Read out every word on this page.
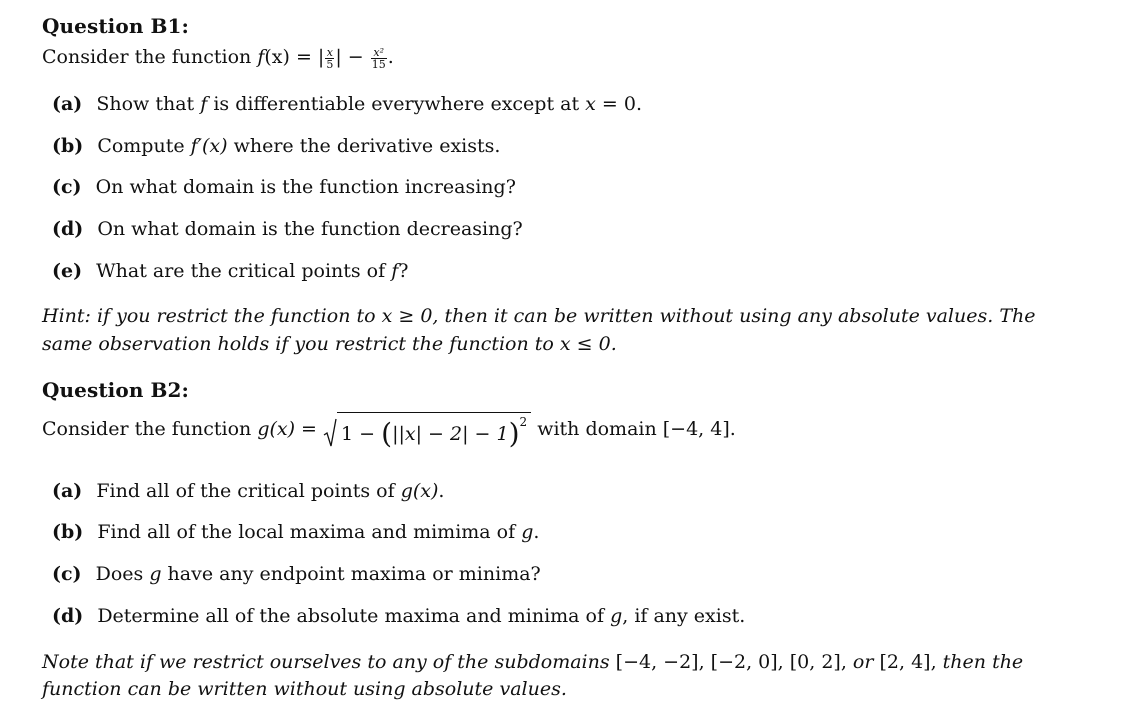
Question B1:
Consider the function f(x) = | $\frac{x}{5}$ | − $\frac{\text{x²}}{15}$ .
(a) Show that f is differentiable everywhere except at x = 0.
(b) Compute f′(x) where the derivative exists.
(c) On what domain is the function increasing?
(d) On what domain is the function decreasing?
(e) What are the critical points of f?
Hint: if you restrict the function to x ≥ 0, then it can be written without using any absolute values. The
same observation holds if you restrict the function to x ≤ 0.
Question B2:
Consider the function $g(x) = 1 - (||x| - 2| - 1)^2$ with domain [−4, 4].
(a) Find all of the critical points of g(x).
(b) Find all of the local maxima and mimima of g.
(c) Does g have any endpoint maxima or minima?
(d) Determine all of the absolute maxima and minima of g, if any exist.
Note that if we restrict ourselves to any of the subdomains [−4, −2], [−2, 0], [0, 2], or [2, 4], then the
function can be written without using absolute values.
